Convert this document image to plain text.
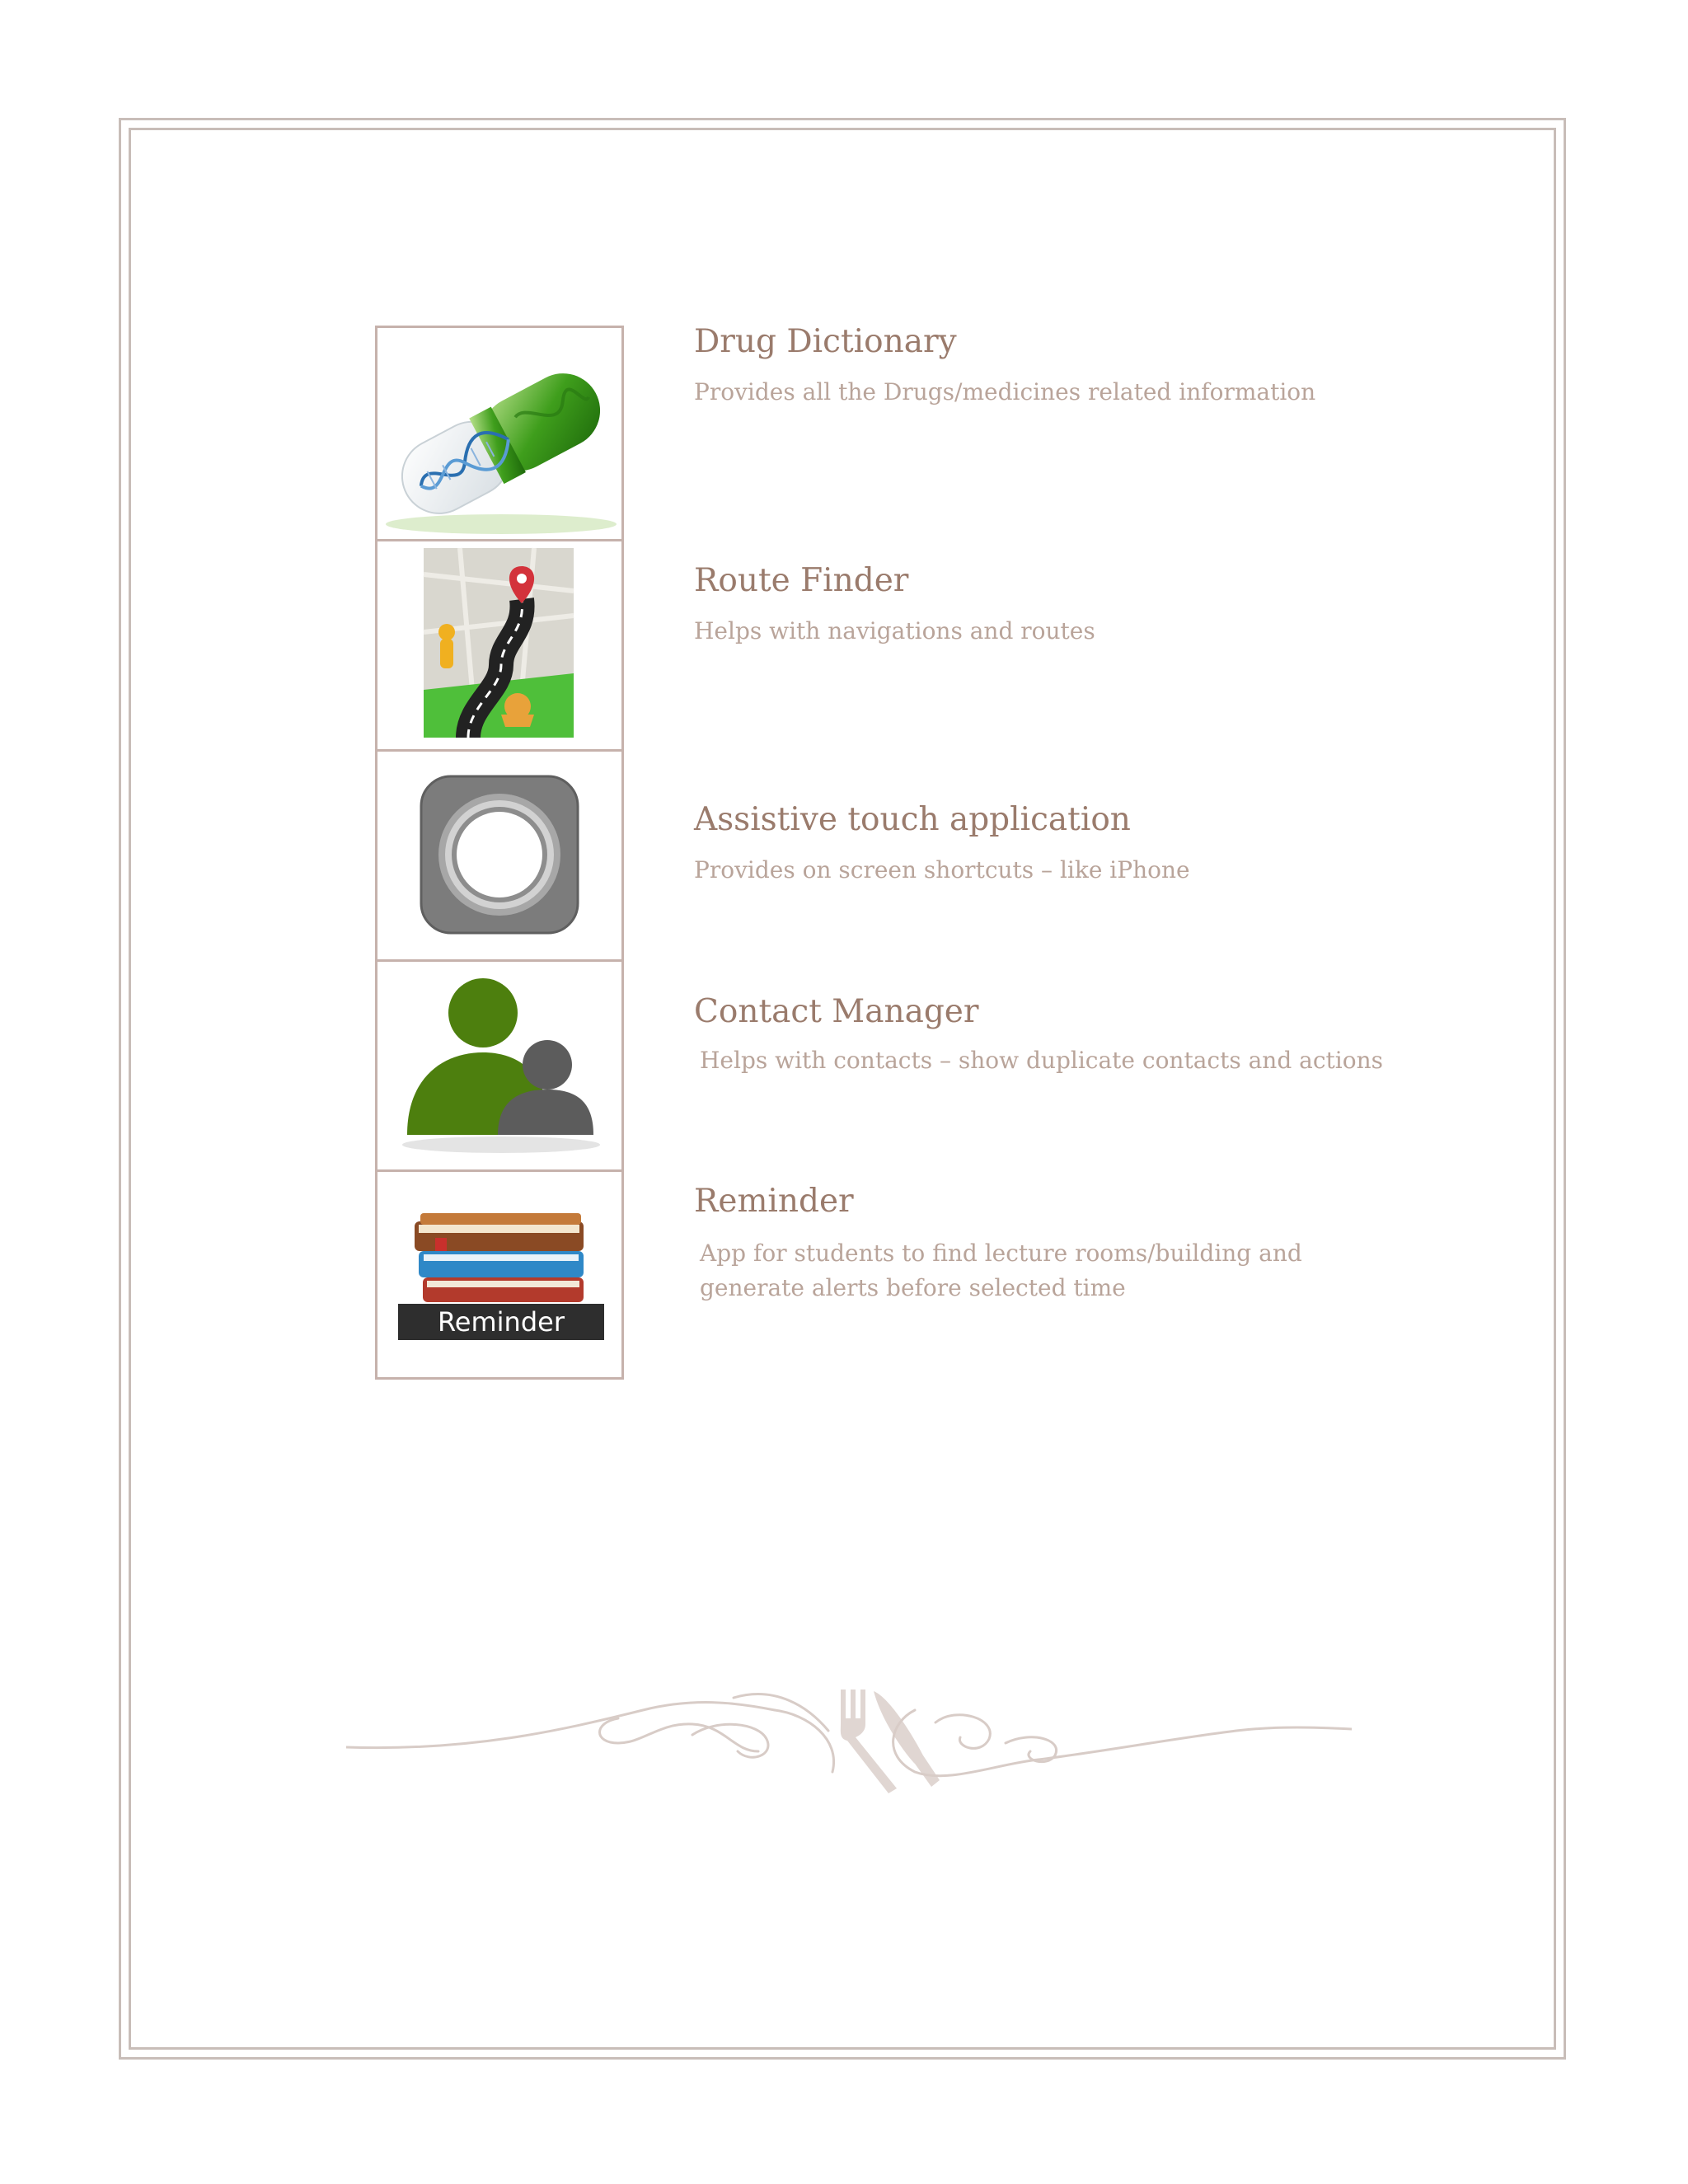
Drug Dictionary
Provides all the Drugs/medicines related information
Route Finder
Helps with navigations and routes
Assistive touch application
Provides on screen shortcuts – like iPhone
Contact Manager
Helps with contacts – show duplicate contacts and actions
Reminder
Reminder
App for students to find lecture rooms/building and generate alerts before selected time
